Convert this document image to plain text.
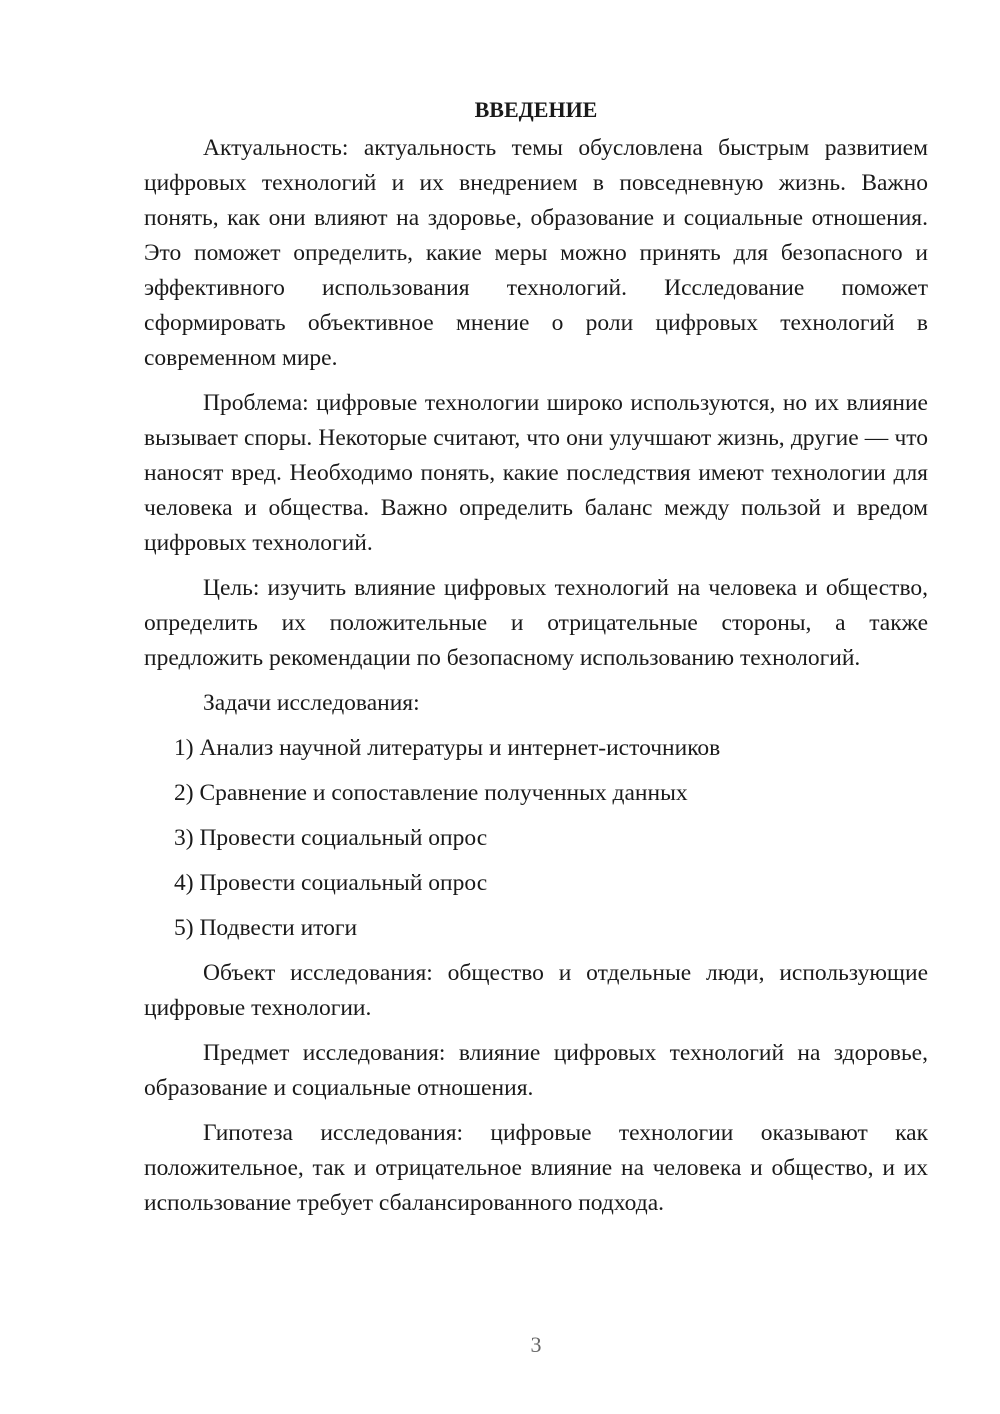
ВВЕДЕНИЕ

Актуальность: актуальность темы обусловлена быстрым развитием цифровых технологий и их внедрением в повседневную жизнь. Важно понять, как они влияют на здоровье, образование и социальные отношения. Это поможет определить, какие меры можно принять для безопасного и эффективного использования технологий. Исследование поможет сформировать объективное мнение о роли цифровых технологий в современном мире.

Проблема: цифровые технологии широко используются, но их влияние вызывает споры. Некоторые считают, что они улучшают жизнь, другие — что наносят вред. Необходимо понять, какие последствия имеют технологии для человека и общества. Важно определить баланс между пользой и вредом цифровых технологий.

Цель: изучить влияние цифровых технологий на человека и общество, определить их положительные и отрицательные стороны, а также предложить рекомендации по безопасному использованию технологий.

Задачи исследования:
1) Анализ научной литературы и интернет-источников
2) Сравнение и сопоставление полученных данных
3) Провести социальный опрос
4) Провести социальный опрос
5) Подвести итоги

Объект исследования: общество и отдельные люди, использующие цифровые технологии.

Предмет исследования: влияние цифровых технологий на здоровье, образование и социальные отношения.

Гипотеза исследования: цифровые технологии оказывают как положительное, так и отрицательное влияние на человека и общество, и их использование требует сбалансированного подхода.

3
